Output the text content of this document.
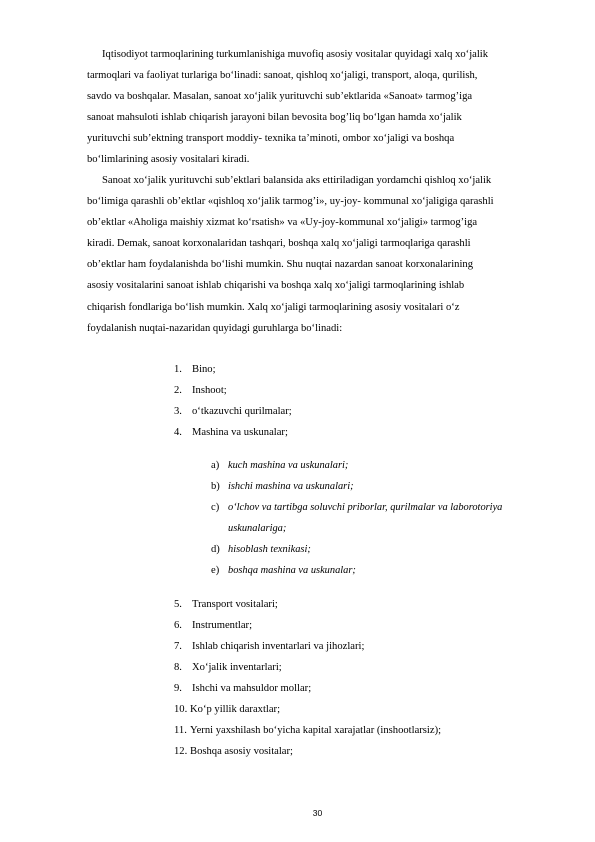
Iqtisodiyot tarmoqlarining turkumlanishiga muvofiq asosiy vositalar quyidagi xalq xo‘jalik
tarmoqlari va faoliyat turlariga bo‘linadi: sanoat, qishloq xo‘jaligi, transport, aloqa, qurilish,
savdo va boshqalar. Masalan, sanoat xo‘jalik yurituvchi sub’ektlarida «Sanoat» tarmog’iga
sanoat mahsuloti ishlab chiqarish jarayoni bilan bevosita bog’liq bo‘lgan hamda xo‘jalik
yurituvchi sub’ektning transport moddiy- texnika ta’minoti, ombor xo‘jaligi va boshqa
bo‘limlarining asosiy vositalari kiradi.

Sanoat xo‘jalik yurituvchi sub’ektlari balansida aks ettiriladigan yordamchi qishloq xo‘jalik
bo‘limiga qarashli ob’ektlar «qishloq xo‘jalik tarmog’i», uy-joy- kommunal xo‘jaligiga qarashli
ob’ektlar «Aholiga maishiy xizmat ko‘rsatish» va «Uy-joy-kommunal xo‘jaligi» tarmog’iga
kiradi. Demak, sanoat korxonalaridan tashqari, boshqa xalq xo‘jaligi tarmoqlariga qarashli
ob’ektlar ham foydalanishda bo‘lishi mumkin. Shu nuqtai nazardan sanoat korxonalarining
asosiy vositalarini sanoat ishlab chiqarishi va boshqa xalq xo‘jaligi tarmoqlarining ishlab
chiqarish fondlariga bo‘lish mumkin. Xalq xo‘jaligi tarmoqlarining asosiy vositalari o‘z
foydalanish nuqtai-nazaridan quyidagi guruhlarga bo‘linadi:

1. Bino;
2. Inshoot;
3. o‘tkazuvchi qurilmalar;
4. Mashina va uskunalar;
a) kuch mashina va uskunalari;
b) ishchi mashina va uskunalari;
c) o‘lchov va tartibga soluvchi priborlar, qurilmalar va laborotoriya uskunalariga;
d) hisoblash texnikasi;
e) boshqa mashina va uskunalar;
5. Transport vositalari;
6. Instrumentlar;
7. Ishlab chiqarish inventarlari va jihozlari;
8. Xo‘jalik inventarlari;
9. Ishchi va mahsuldor mollar;
10. Ko‘p yillik daraxtlar;
11. Yerni yaxshilash bo‘yicha kapital xarajatlar (inshootlarsiz);
12. Boshqa asosiy vositalar;
30
